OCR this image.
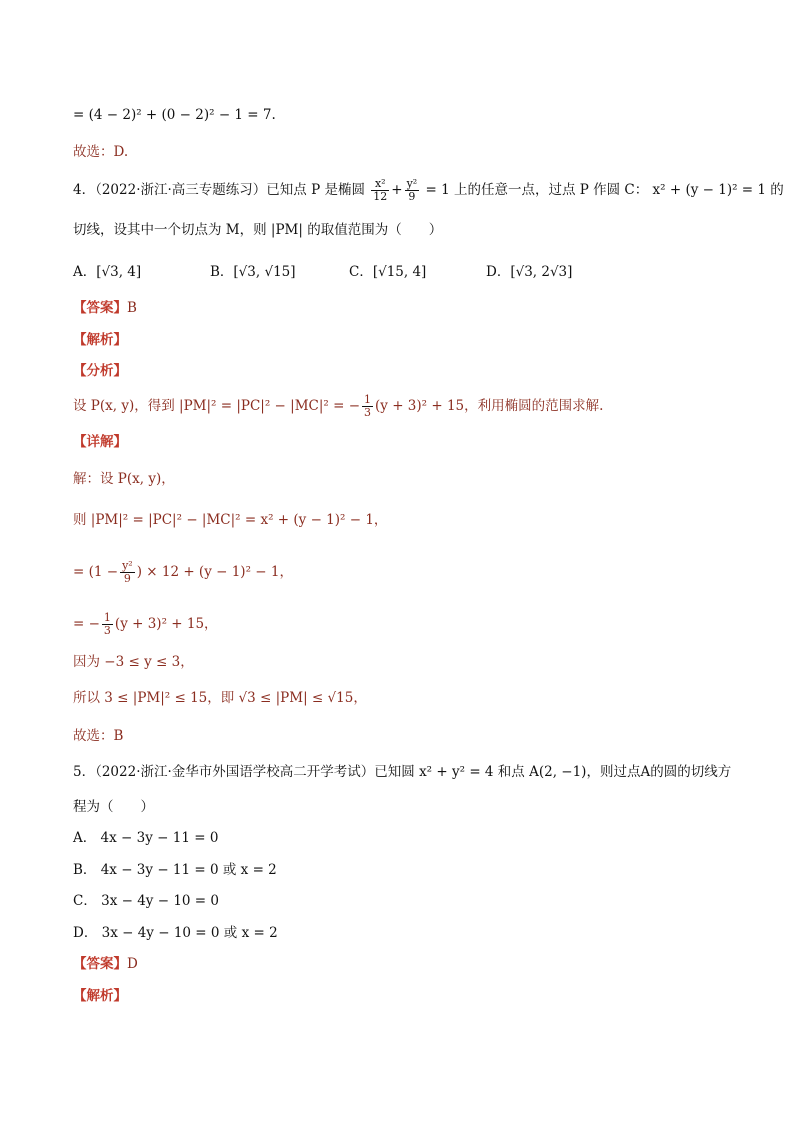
= (4 − 2)² + (0 − 2)² − 1 = 7.
故选：D.
4．（2022·浙江·高三专题练习）已知点 P 是椭圆 $\frac{\text{x²}}{12} + \frac{\text{y²}}{9} = 1$ 上的任意一点，过点 P 作圆 C： x² + (y − 1)² = 1 的
切线，设其中一个切点为 M，则 |PM| 的取值范围为（　　）
A．[√3, 4]	B．[√3, √15]	C．[√15, 4]	D．[√3, 2√3]
【答案】B
【解析】
【分析】
设 P(x, y)，得到 |PM|² = |PC|² − |MC|² = − $\frac{1}{3} (y + 3)^2 + 15$，利用椭圆的范围求解.
【详解】
解：设 P(x, y)，
则 |PM|² = |PC|² − |MC|² = x² + (y − 1)² − 1，
= ($1 - \frac{\text{y²}}{9}$ ) × 12 + (y − 1)² − 1，
= − $\frac{1}{3} (y + 3)^2 + 15$，
因为 −3 ≤ y ≤ 3，
所以 3 ≤ |PM|² ≤ 15，即 √3 ≤ |PM| ≤ √15，
故选：B
5．（2022·浙江·金华市外国语学校高二开学考试）已知圆 x² + y² = 4 和点 A(2, −1)，则过点A的圆的切线方
程为（　　）
A． 4x − 3y − 11 = 0
B． 4x − 3y − 11 = 0 或 x = 2
C． 3x − 4y − 10 = 0
D． 3x − 4y − 10 = 0 或 x = 2
【答案】D
【解析】
